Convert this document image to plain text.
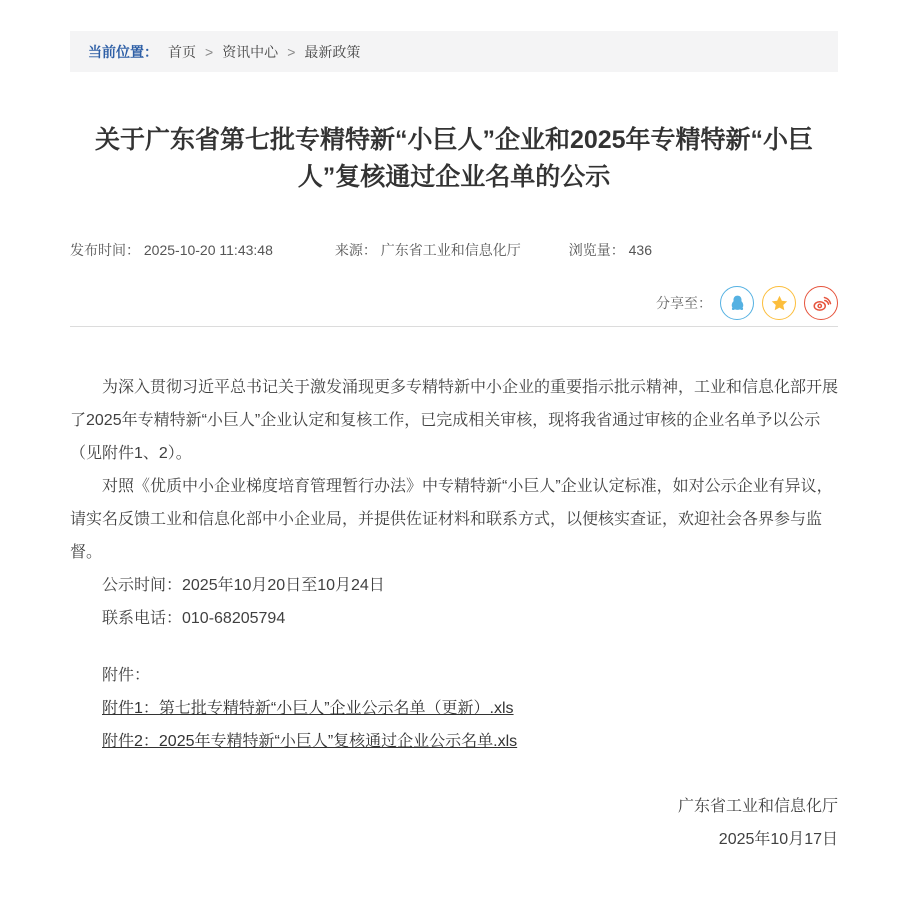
当前位置： 首页 > 资讯中心 > 最新政策
关于广东省第七批专精特新“小巨人”企业和2025年专精特新“小巨人”复核通过企业名单的公示
发布时间： 2025-10-20 11:43:48	来源： 广东省工业和信息化厅	浏览量： 436
分享至：

为深入贯彻习近平总书记关于激发涌现更多专精特新中小企业的重要指示批示精神，工业和信息化部开展了2025年专精特新“小巨人”企业认定和复核工作，已完成相关审核，现将我省通过审核的企业名单予以公示（见附件1、2）。

对照《优质中小企业梯度培育管理暂行办法》中专精特新“小巨人”企业认定标准，如对公示企业有异议，请实名反馈工业和信息化部中小企业局，并提供佐证材料和联系方式，以便核实查证，欢迎社会各界参与监督。

公示时间：2025年10月20日至10月24日
联系电话：010-68205794
附件：
附件1：第七批专精特新“小巨人”企业公示名单（更新）.xls
附件2：2025年专精特新“小巨人”复核通过企业公示名单.xls
广东省工业和信息化厅
2025年10月17日
